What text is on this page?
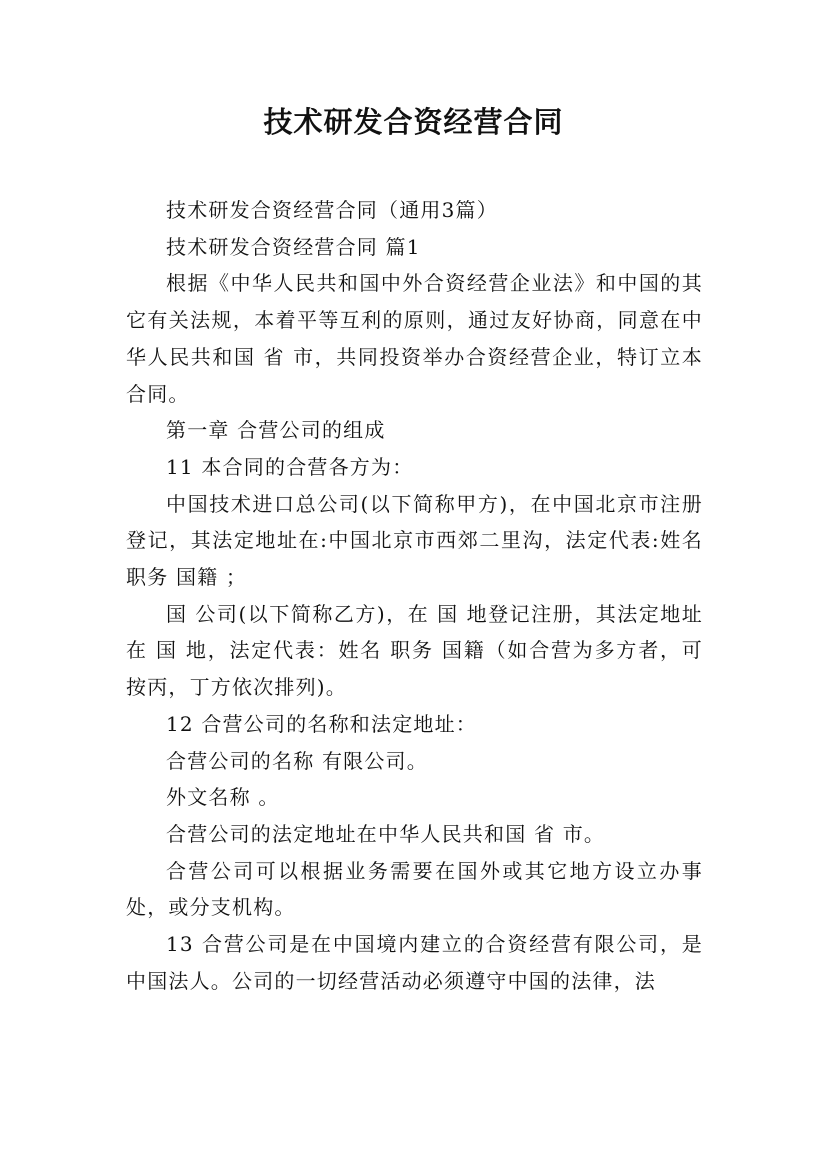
技术研发合资经营合同

技术研发合资经营合同（通用3篇）

技术研发合资经营合同 篇1

根据《中华人民共和国中外合资经营企业法》和中国的其它有关法规，本着平等互利的原则，通过友好协商，同意在中华人民共和国 省 市，共同投资举办合资经营企业，特订立本合同。

第一章 合营公司的组成

11 本合同的合营各方为：

中国技术进口总公司(以下简称甲方)，在中国北京市注册登记，其法定地址在:中国北京市西郊二里沟，法定代表:姓名 职务 国籍 ；

国 公司(以下简称乙方)，在 国 地登记注册，其法定地址在 国 地，法定代表：姓名 职务 国籍（如合营为多方者，可按丙，丁方依次排列)。

12 合营公司的名称和法定地址：

合营公司的名称 有限公司。

外文名称 。

合营公司的法定地址在中华人民共和国 省 市。

合营公司可以根据业务需要在国外或其它地方设立办事处，或分支机构。

13 合营公司是在中国境内建立的合资经营有限公司，是中国法人。公司的一切经营活动必须遵守中国的法律，法
